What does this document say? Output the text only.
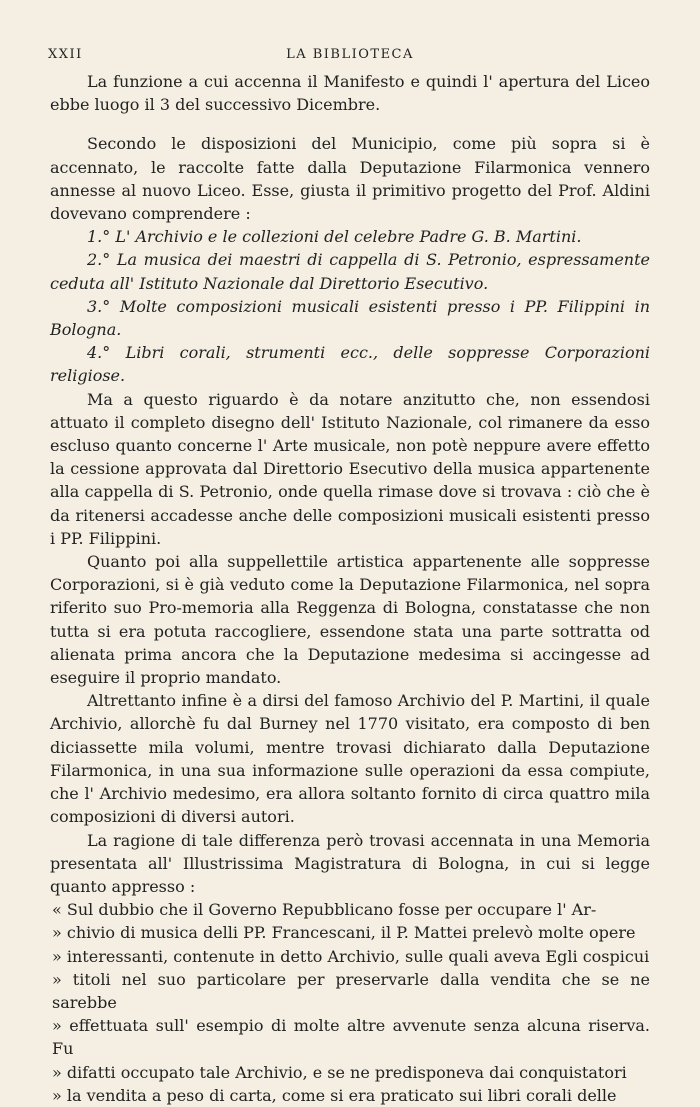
XXII	LA BIBLIOTECA

La funzione a cui accenna il Manifesto e quindi l' apertura del Liceo ebbe luogo il 3 del successivo Dicembre.

Secondo le disposizioni del Municipio, come più sopra si è accennato, le raccolte fatte dalla Deputazione Filarmonica vennero annesse al nuovo Liceo. Esse, giusta il primitivo progetto del Prof. Aldini dovevano comprendere :

1.° L' Archivio e le collezioni del celebre Padre G. B. Martini.

2.° La musica dei maestri di cappella di S. Petronio, espressamente ceduta all' Istituto Nazionale dal Direttorio Esecutivo.

3.° Molte composizioni musicali esistenti presso i PP. Filippini in Bologna.

4.° Libri corali, strumenti ecc., delle soppresse Corporazioni religiose.

Ma a questo riguardo è da notare anzitutto che, non essendosi attuato il completo disegno dell' Istituto Nazionale, col rimanere da esso escluso quanto concerne l' Arte musicale, non potè neppure avere effetto la cessione approvata dal Direttorio Esecutivo della musica appartenente alla cappella di S. Petronio, onde quella rimase dove si trovava : ciò che è da ritenersi accadesse anche delle composizioni musicali esistenti presso i PP. Filippini.

Quanto poi alla suppellettile artistica appartenente alle soppresse Corporazioni, si è già veduto come la Deputazione Filarmonica, nel sopra riferito suo Pro-memoria alla Reggenza di Bologna, constatasse che non tutta si era potuta raccogliere, essendone stata una parte sottratta od alienata prima ancora che la Deputazione medesima si accingesse ad eseguire il proprio mandato.

Altrettanto infine è a dirsi del famoso Archivio del P. Martini, il quale Archivio, allorchè fu dal Burney nel 1770 visitato, era composto di ben diciassette mila volumi, mentre trovasi dichiarato dalla Deputazione Filarmonica, in una sua informazione sulle operazioni da essa compiute, che l' Archivio medesimo, era allora soltanto fornito di circa quattro mila composizioni di diversi autori.

La ragione di tale differenza però trovasi accennata in una Memoria presentata all' Illustrissima Magistratura di Bologna, in cui si legge quanto appresso :

« Sul dubbio che il Governo Repubblicano fosse per occupare l' Ar-

» chivio di musica delli PP. Francescani, il P. Mattei prelevò molte opere

» interessanti, contenute in detto Archivio, sulle quali aveva Egli cospicui

» titoli nel suo particolare per preservarle dalla vendita che se ne sarebbe

» effettuata sull' esempio di molte altre avvenute senza alcuna riserva. Fu

» difatti occupato tale Archivio, e se ne predisponeva dai conquistatori

» la vendita a peso di carta, come si era praticato sui libri corali delle
